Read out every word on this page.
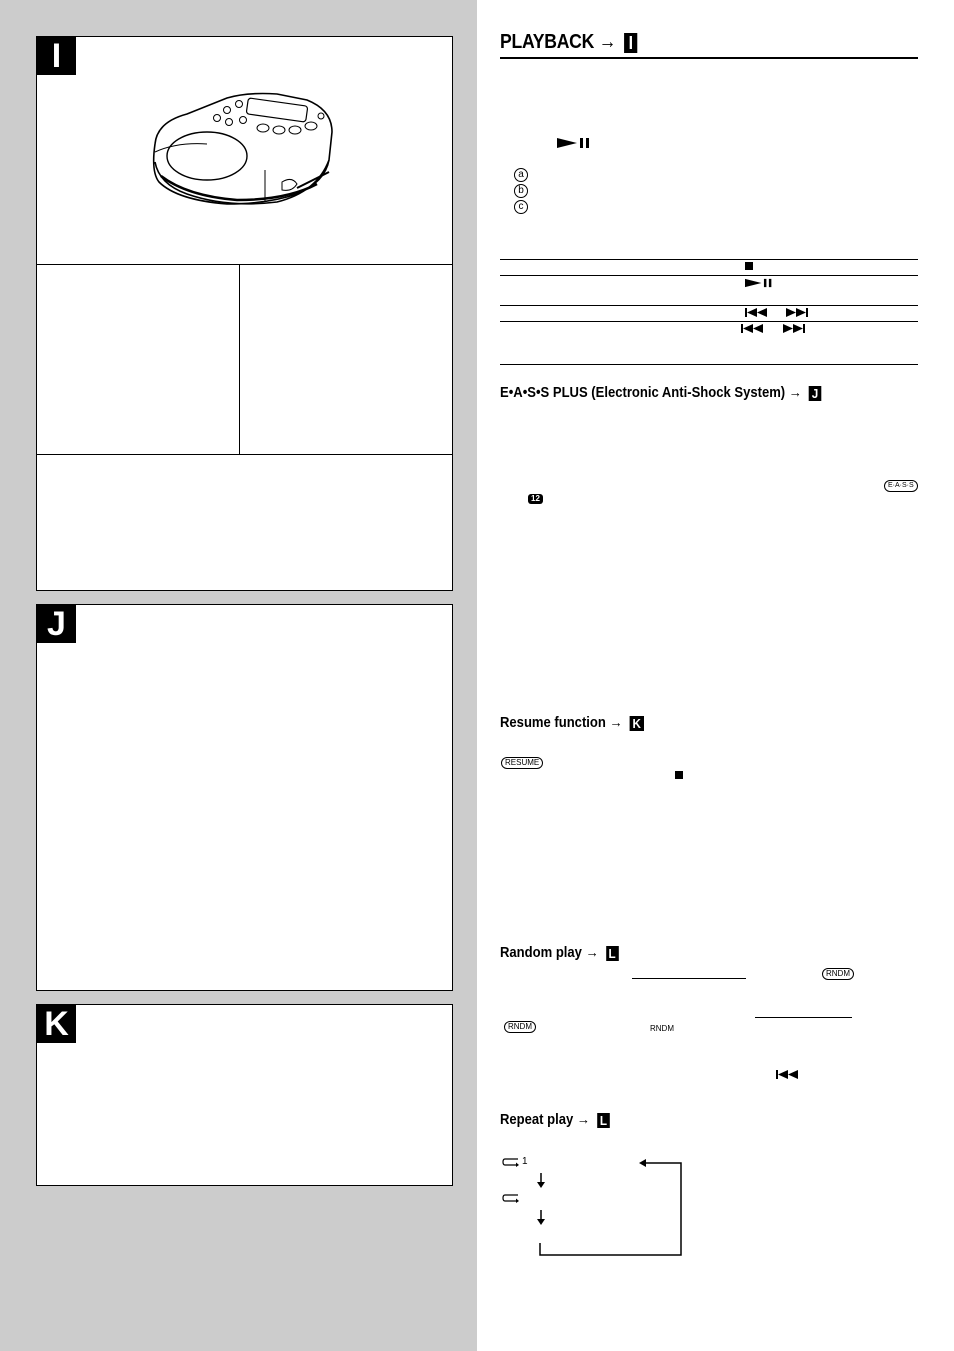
I
J
K
PLAYBACK → I
a
b
c
E•A•S•S PLUS (Electronic Anti-Shock System) → J
E·A·S·S
12
Resume function → K
RESUME
Random play → L
RNDM
RNDM	RNDM
Repeat play → L
1
